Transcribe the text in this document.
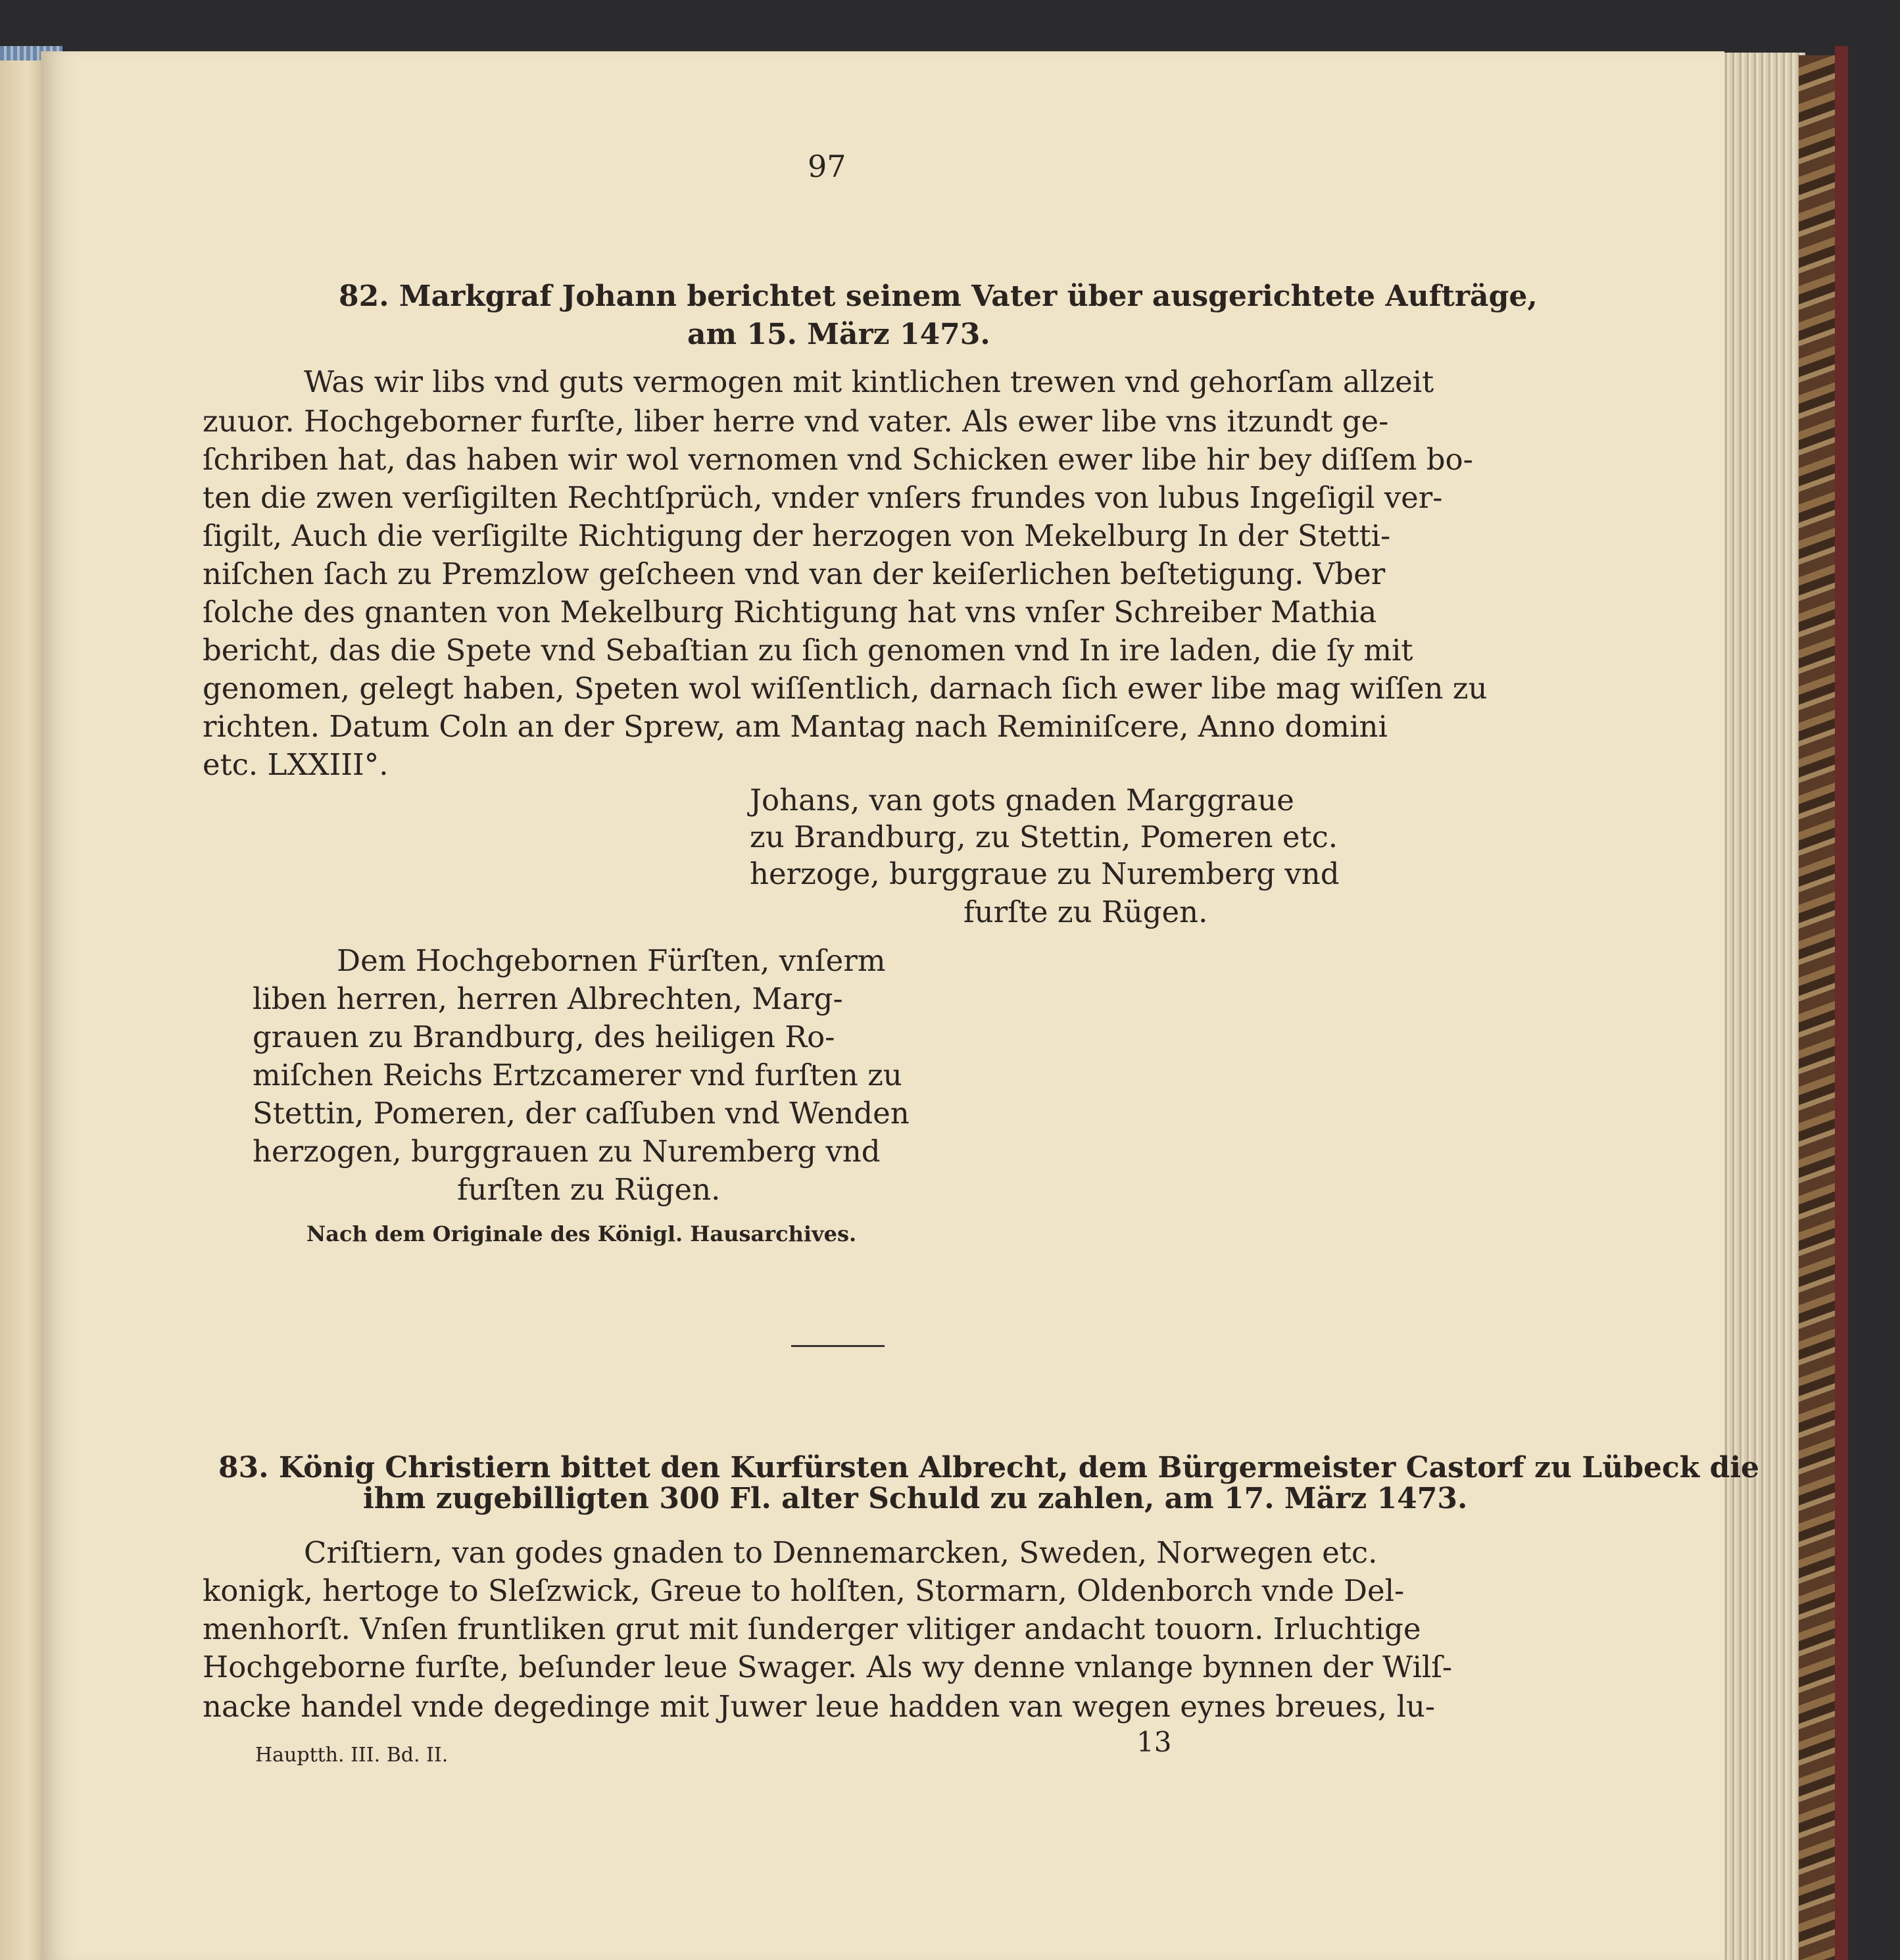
97
82. Markgraf Johann berichtet seinem Vater über ausgerichtete Aufträge,
am 15. März 1473.
Was wir libs vnd guts vermogen mit kintlichen trewen vnd gehorſam allzeit
zuuor. Hochgeborner furſte, liber herre vnd vater. Als ewer libe vns itzundt ge-
ſchriben hat, das haben wir wol vernomen vnd Schicken ewer libe hir bey diſſem bo-
ten die zwen verſigilten Rechtſprüch, vnder vnſers frundes von lubus Ingeſigil ver-
ſigilt, Auch die verſigilte Richtigung der herzogen von Mekelburg In der Stetti-
niſchen ſach zu Premzlow geſcheen vnd van der keiſerlichen beſtetigung. Vber
ſolche des gnanten von Mekelburg Richtigung hat vns vnſer Schreiber Mathia
bericht, das die Spete vnd Sebaſtian zu ſich genomen vnd In ire laden, die ſy mit
genomen, gelegt haben, Speten wol wiſſentlich, darnach ſich ewer libe mag wiſſen zu
richten. Datum Coln an der Sprew, am Mantag nach Reminiſcere, Anno domini
etc. LXXIII°.
Johans, van gots gnaden Marggraue
zu Brandburg, zu Stettin, Pomeren etc.
herzoge, burggraue zu Nuremberg vnd
furſte zu Rügen.
Dem Hochgebornen Fürſten, vnſerm
liben herren, herren Albrechten, Marg-
grauen zu Brandburg, des heiligen Ro-
miſchen Reichs Ertzcamerer vnd furſten zu
Stettin, Pomeren, der caſſuben vnd Wenden
herzogen, burggrauen zu Nuremberg vnd
furſten zu Rügen.
Nach dem Originale des Königl. Hausarchives.
83. König Christiern bittet den Kurfürsten Albrecht, dem Bürgermeister Castorf zu Lübeck die
ihm zugebilligten 300 Fl. alter Schuld zu zahlen, am 17. März 1473.
Criſtiern, van godes gnaden to Dennemarcken, Sweden, Norwegen etc.
konigk, hertoge to Sleſzwick, Greue to holſten, Stormarn, Oldenborch vnde Del-
menhorſt. Vnſen fruntliken grut mit ſunderger vlitiger andacht touorn. Irluchtige
Hochgeborne furſte, beſunder leue Swager. Als wy denne vnlange bynnen der Wilſ-
nacke handel vnde degedinge mit Juwer leue hadden van wegen eynes breues, lu-
Hauptth. III. Bd. II.	13
